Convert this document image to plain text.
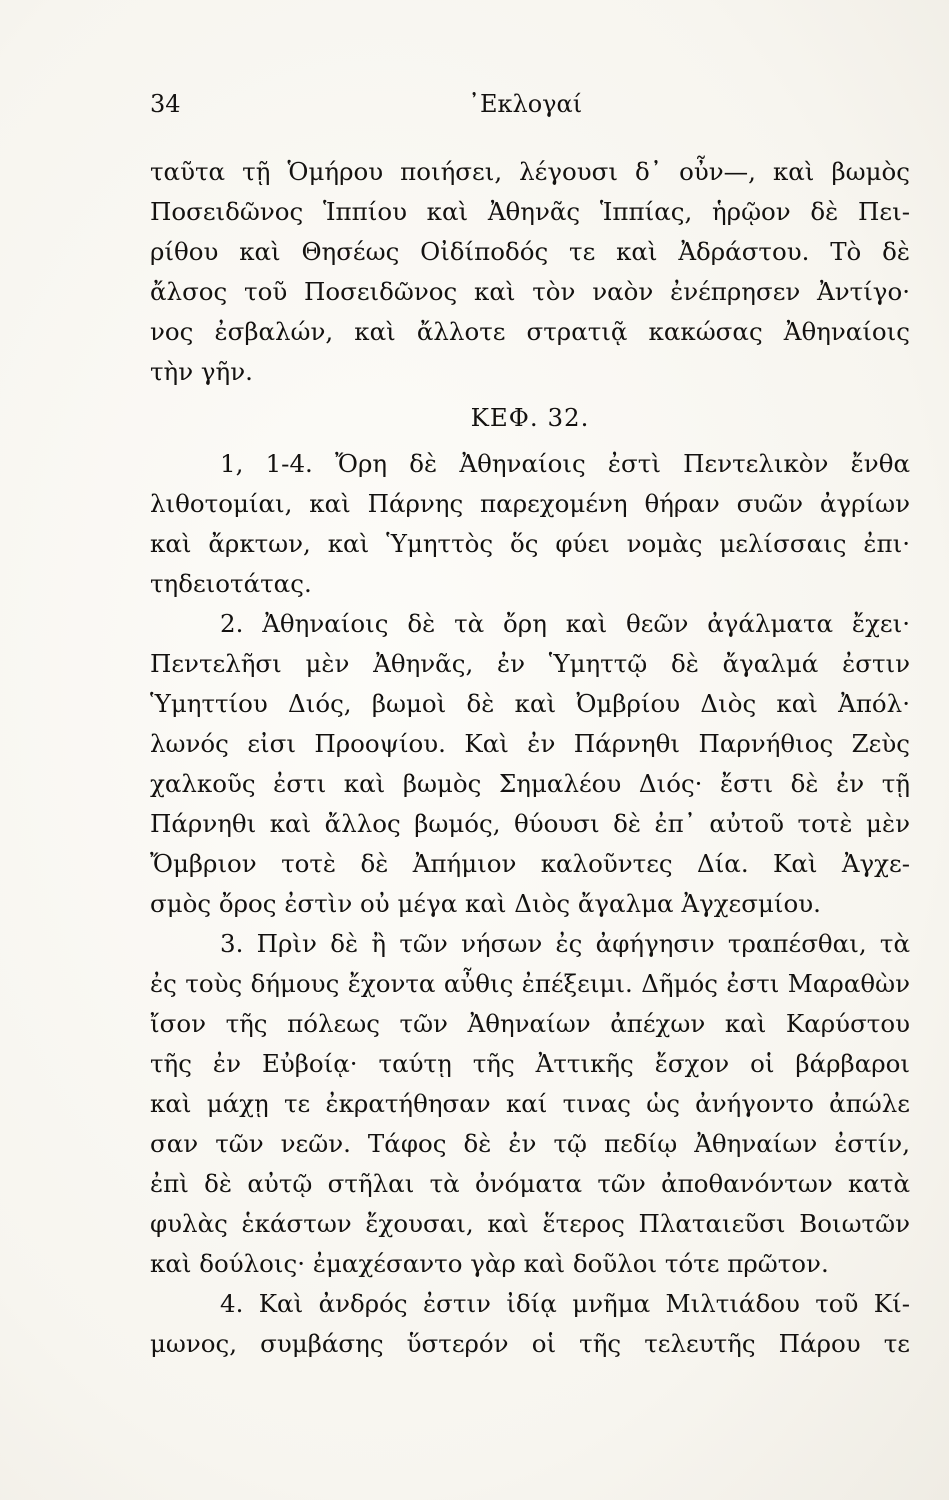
34	᾿Εκλογαί
ταῦτα τῇ Ὁμήρου ποιήσει, λέγουσι δ᾿ οὖν—, καὶ βωμὸς
Ποσειδῶνος Ἱππίου καὶ Ἀθηνᾶς Ἱππίας, ἡρῷον δὲ Πει-
ρίθου καὶ Θησέως Οἰδίποδός τε καὶ Ἀδράστου. Τὸ δὲ
ἄλσος τοῦ Ποσειδῶνος καὶ τὸν ναὸν ἐνέπρησεν Ἀντίγο·
νος ἐσβαλών, καὶ ἄλλοτε στρατιᾷ κακώσας Ἀθηναίοις
τὴν γῆν.
ΚΕΦ. 32.
1, 1-4. Ὄρη δὲ Ἀθηναίοις ἐστὶ Πεντελικὸν ἔνθα
λιθοτομίαι, καὶ Πάρνης παρεχομένη θήραν συῶν ἀγρίων
καὶ ἄρκτων, καὶ Ὑμηττὸς ὅς φύει νομὰς μελίσσαις ἐπι·
τηδειοτάτας.
2. Ἀθηναίοις δὲ τὰ ὄρη καὶ θεῶν ἀγάλματα ἔχει·
Πεντελῆσι μὲν Ἀθηνᾶς, ἐν Ὑμηττῷ δὲ ἄγαλμά ἐστιν
Ὑμηττίου Διός, βωμοὶ δὲ καὶ Ὀμβρίου Διὸς καὶ Ἀπόλ·
λωνός εἰσι Προοψίου. Καὶ ἐν Πάρνηθι Παρνήθιος Ζεὺς
χαλκοῦς ἐστι καὶ βωμὸς Σημαλέου Διός· ἔστι δὲ ἐν τῇ
Πάρνηθι καὶ ἄλλος βωμός, θύουσι δὲ ἐπ᾿ αὐτοῦ τοτὲ μὲν
Ὄμβριον τοτὲ δὲ Ἀπήμιον καλοῦντες Δία. Καὶ Ἀγχε-
σμὸς ὄρος ἐστὶν οὐ μέγα καὶ Διὸς ἄγαλμα Ἀγχεσμίου.
3. Πρὶν δὲ ἢ τῶν νήσων ἐς ἀφήγησιν τραπέσθαι, τὰ
ἐς τοὺς δήμους ἔχοντα αὖθις ἐπέξειμι. Δῆμός ἐστι Μαραθὼν
ἴσον τῆς πόλεως τῶν Ἀθηναίων ἀπέχων καὶ Καρύστου
τῆς ἐν Εὐβοίᾳ· ταύτῃ τῆς Ἀττικῆς ἔσχον οἱ βάρβαροι
καὶ μάχῃ τε ἐκρατήθησαν καί τινας ὡς ἀνήγοντο ἀπώλε
σαν τῶν νεῶν. Τάφος δὲ ἐν τῷ πεδίῳ Ἀθηναίων ἐστίν,
ἐπὶ δὲ αὐτῷ στῆλαι τὰ ὀνόματα τῶν ἀποθανόντων κατὰ
φυλὰς ἑκάστων ἔχουσαι, καὶ ἕτερος Πλαταιεῦσι Βοιωτῶν
καὶ δούλοις· ἐμαχέσαντο γὰρ καὶ δοῦλοι τότε πρῶτον.
4. Καὶ ἀνδρός ἐστιν ἰδίᾳ μνῆμα Μιλτιάδου τοῦ Κί-
μωνος, συμβάσης ὕστερόν οἱ τῆς τελευτῆς Πάρου τε
